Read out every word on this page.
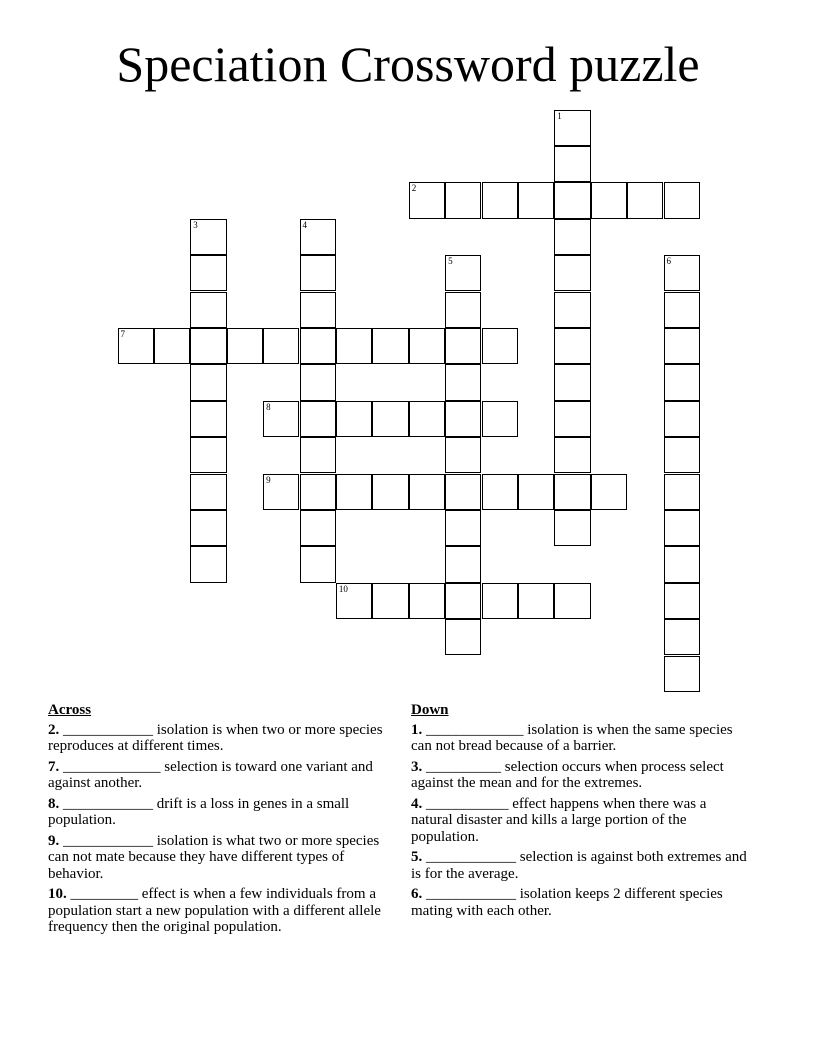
Speciation Crossword puzzle
1
2
3	4
5	6
7
8
9
10
Across
2. ____________ isolation is when two or more species reproduces at different times.
7. _____________ selection is toward one variant and against another.
8. ____________ drift is a loss in genes in a small population.
9. ____________ isolation is what two or more species can not mate because they have different types of behavior.
10. _________ effect is when a few individuals from a population start a new population with a different allele frequency then the original population.
Down
1. _____________ isolation is when the same species can not bread because of a barrier.
3. __________ selection occurs when process select against the mean and for the extremes.
4. ___________ effect happens when there was a natural disaster and kills a large portion of the population.
5. ____________ selection is against both extremes and is for the average.
6. ____________ isolation keeps 2 different species mating with each other.
